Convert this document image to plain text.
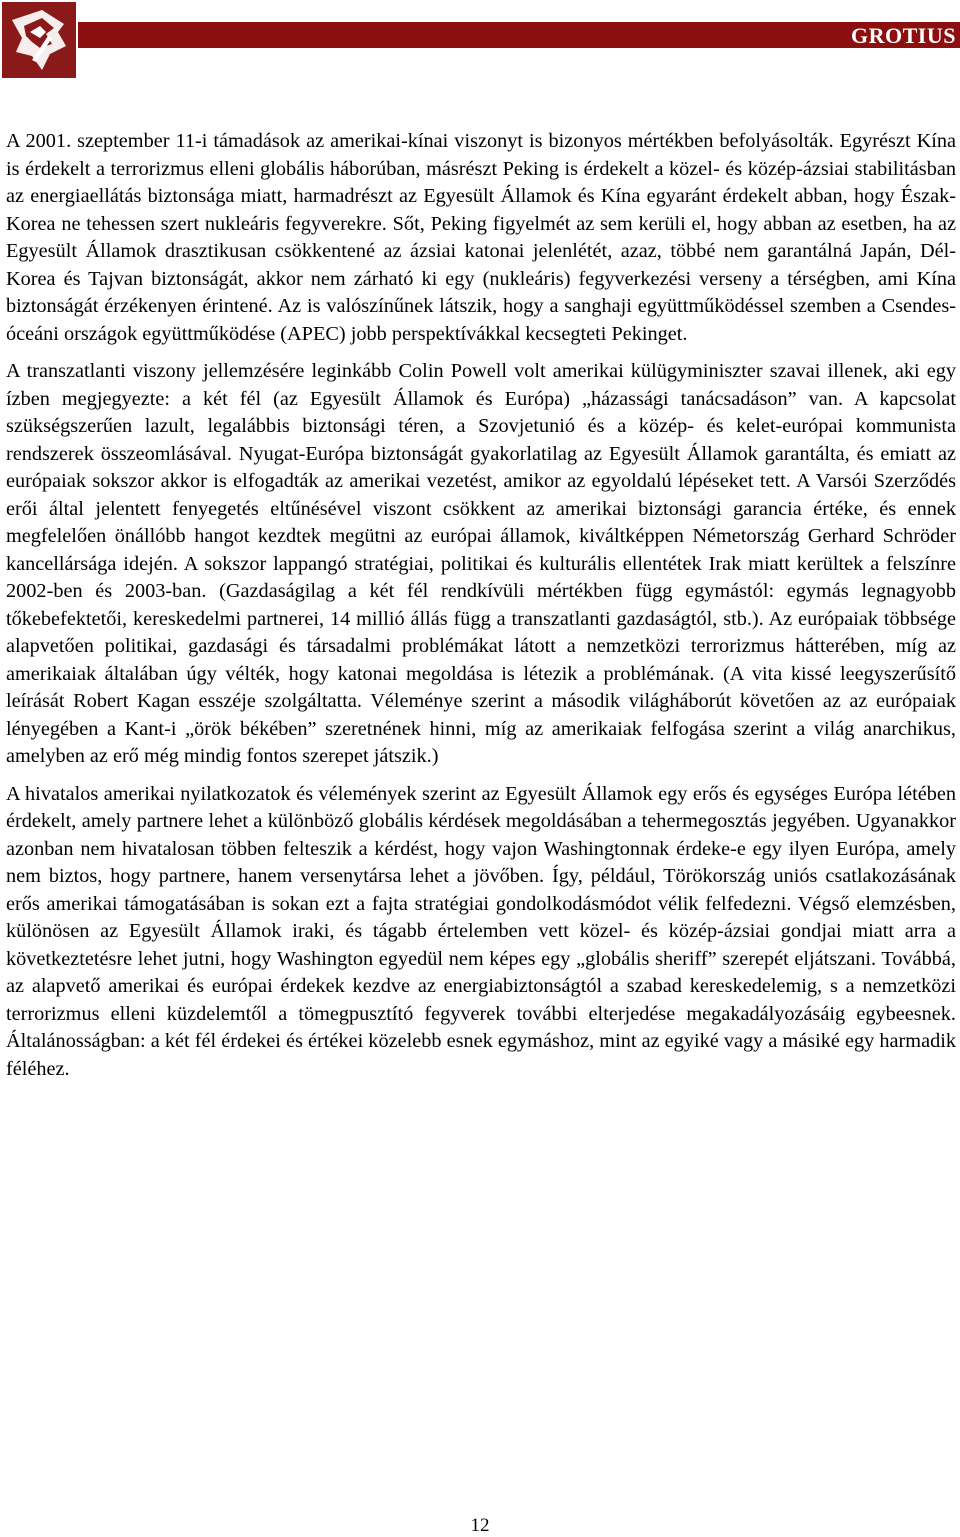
GROTIUS

A 2001. szeptember 11-i támadások az amerikai-kínai viszonyt is bizonyos mértékben befolyásolták. Egyrészt Kína is érdekelt a terrorizmus elleni globális háborúban, másrészt Peking is érdekelt a közel- és közép-ázsiai stabilitásban az energiaellátás biztonsága miatt, harmadrészt az Egyesült Államok és Kína egyaránt érdekelt abban, hogy Észak-Korea ne tehessen szert nukleáris fegyverekre. Sőt, Peking figyelmét az sem kerüli el, hogy abban az esetben, ha az Egyesült Államok drasztikusan csökkentené az ázsiai katonai jelenlétét, azaz, többé nem garantálná Japán, Dél-Korea és Tajvan biztonságát, akkor nem zárható ki egy (nukleáris) fegyverkezési verseny a térségben, ami Kína biztonságát érzékenyen érintené. Az is valószínűnek látszik, hogy a sanghaji együttműködéssel szemben a Csendes-óceáni országok együttműködése (APEC) jobb perspektívákkal kecsegteti Pekinget.

A transzatlanti viszony jellemzésére leginkább Colin Powell volt amerikai külügyminiszter szavai illenek, aki egy ízben megjegyezte: a két fél (az Egyesült Államok és Európa) „házassági tanácsadáson” van. A kapcsolat szükségszerűen lazult, legalábbis biztonsági téren, a Szovjetunió és a közép- és kelet-európai kommunista rendszerek összeomlásával. Nyugat-Európa biztonságát gyakorlatilag az Egyesült Államok garantálta, és emiatt az európaiak sokszor akkor is elfogadták az amerikai vezetést, amikor az egyoldalú lépéseket tett. A Varsói Szerződés erői által jelentett fenyegetés eltűnésével viszont csökkent az amerikai biztonsági garancia értéke, és ennek megfelelően önállóbb hangot kezdtek megütni az európai államok, kiváltképpen Németország Gerhard Schröder kancellársága idején. A sokszor lappangó stratégiai, politikai és kulturális ellentétek Irak miatt kerültek a felszínre 2002-ben és 2003-ban. (Gazdaságilag a két fél rendkívüli mértékben függ egymástól: egymás legnagyobb tőkebefektetői, kereskedelmi partnerei, 14 millió állás függ a transzatlanti gazdaságtól, stb.). Az európaiak többsége alapvetően politikai, gazdasági és társadalmi problémákat látott a nemzetközi terrorizmus hátterében, míg az amerikaiak általában úgy vélték, hogy katonai megoldása is létezik a problémának. (A vita kissé leegyszerűsítő leírását Robert Kagan esszéje szolgáltatta. Véleménye szerint a második világháborút követően az az európaiak lényegében a Kant-i „örök békében” szeretnének hinni, míg az amerikaiak felfogása szerint a világ anarchikus, amelyben az erő még mindig fontos szerepet játszik.)

A hivatalos amerikai nyilatkozatok és vélemények szerint az Egyesült Államok egy erős és egységes Európa létében érdekelt, amely partnere lehet a különböző globális kérdések megoldásában a tehermegosztás jegyében. Ugyanakkor azonban nem hivatalosan többen felteszik a kérdést, hogy vajon Washingtonnak érdeke-e egy ilyen Európa, amely nem biztos, hogy partnere, hanem versenytársa lehet a jövőben. Így, például, Törökország uniós csatlakozásának erős amerikai támogatásában is sokan ezt a fajta stratégiai gondolkodásmódot vélik felfedezni. Végső elemzésben, különösen az Egyesült Államok iraki, és tágabb értelemben vett közel- és közép-ázsiai gondjai miatt arra a következtetésre lehet jutni, hogy Washington egyedül nem képes egy „globális sheriff” szerepét eljátszani. Továbbá, az alapvető amerikai és európai érdekek kezdve az energiabiztonságtól a szabad kereskedelemig, s a nemzetközi terrorizmus elleni küzdelemtől a tömegpusztító fegyverek további elterjedése megakadályozásáig egybeesnek. Általánosságban: a két fél érdekei és értékei közelebb esnek egymáshoz, mint az egyiké vagy a másiké egy harmadik féléhez.

12
